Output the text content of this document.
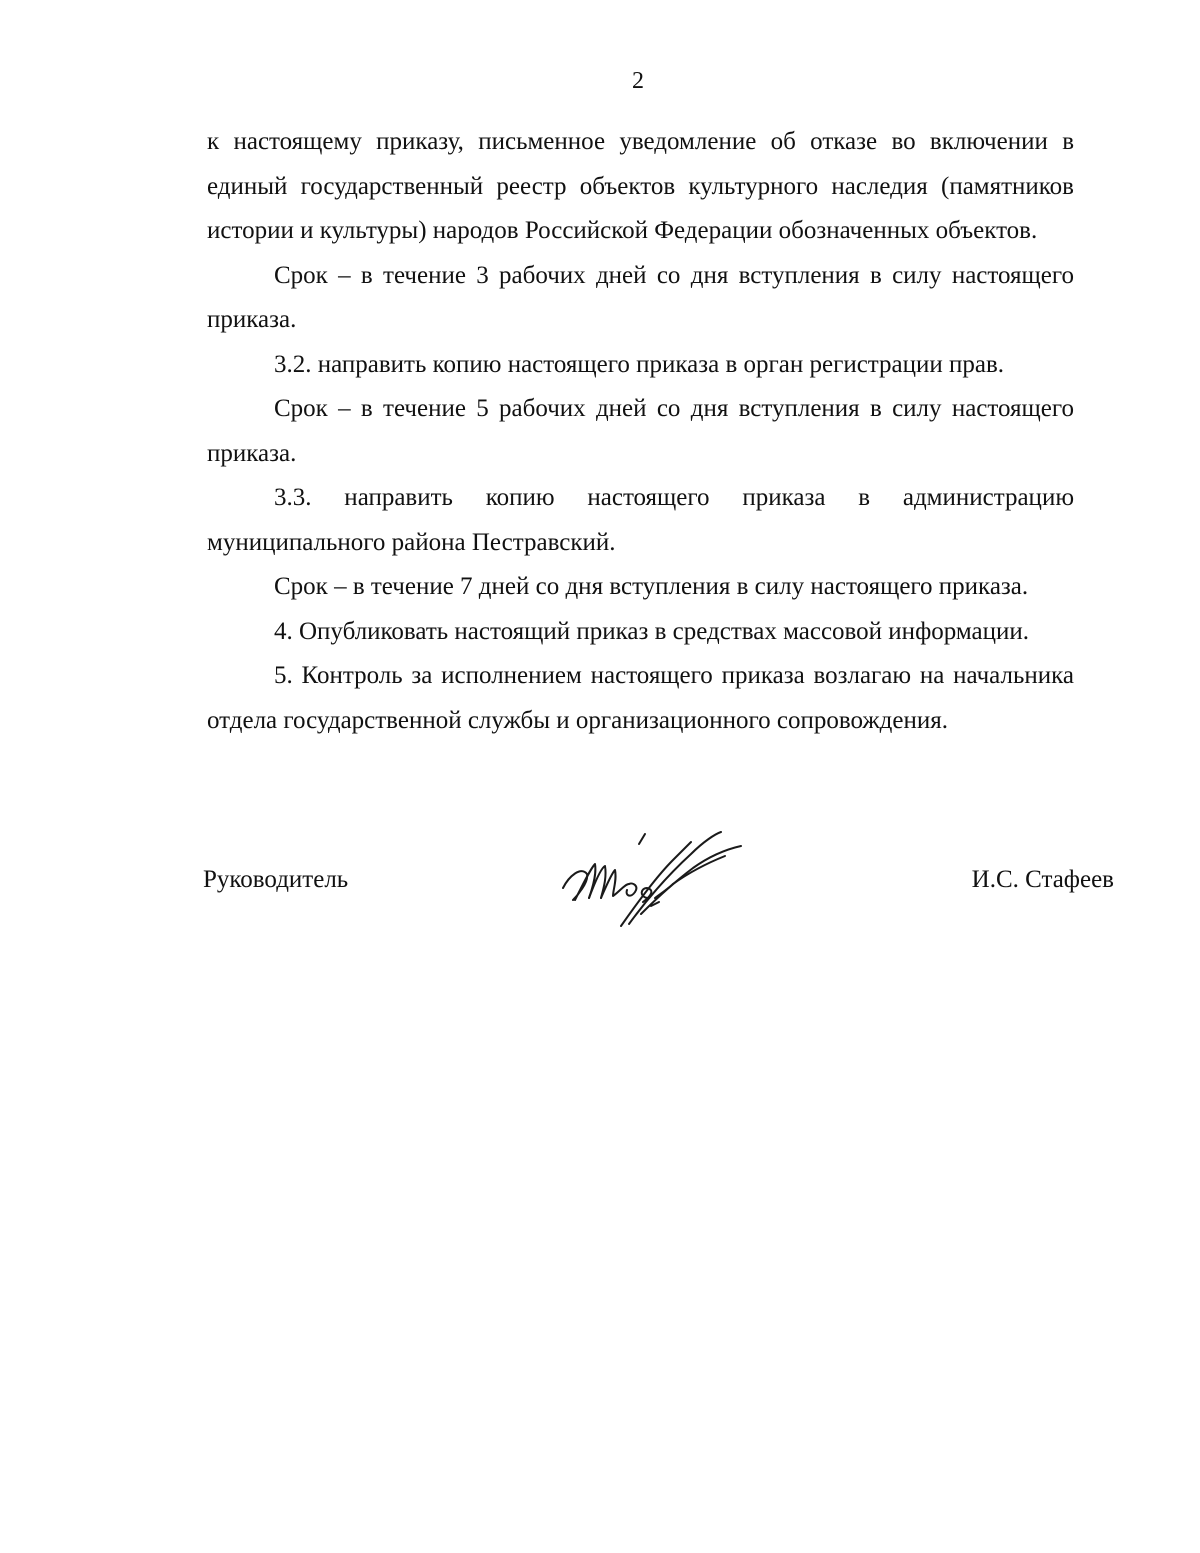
2

к настоящему приказу, письменное уведомление об отказе во включении в единый государственный реестр объектов культурного наследия (памятников истории и культуры) народов Российской Федерации обозначенных объектов.

Срок – в течение 3 рабочих дней со дня вступления в силу настоящего приказа.

3.2. направить копию настоящего приказа в орган регистрации прав.

Срок – в течение 5 рабочих дней со дня вступления в силу настоящего приказа.

3.3. направить копию настоящего приказа в администрацию муниципального района Пестравский.

Срок – в течение 7 дней со дня вступления в силу настоящего приказа.

4. Опубликовать настоящий приказ в средствах массовой информации.

5. Контроль за исполнением настоящего приказа возлагаю на начальника отдела государственной службы и организационного сопровождения.

Руководитель	И.С. Стафеев
